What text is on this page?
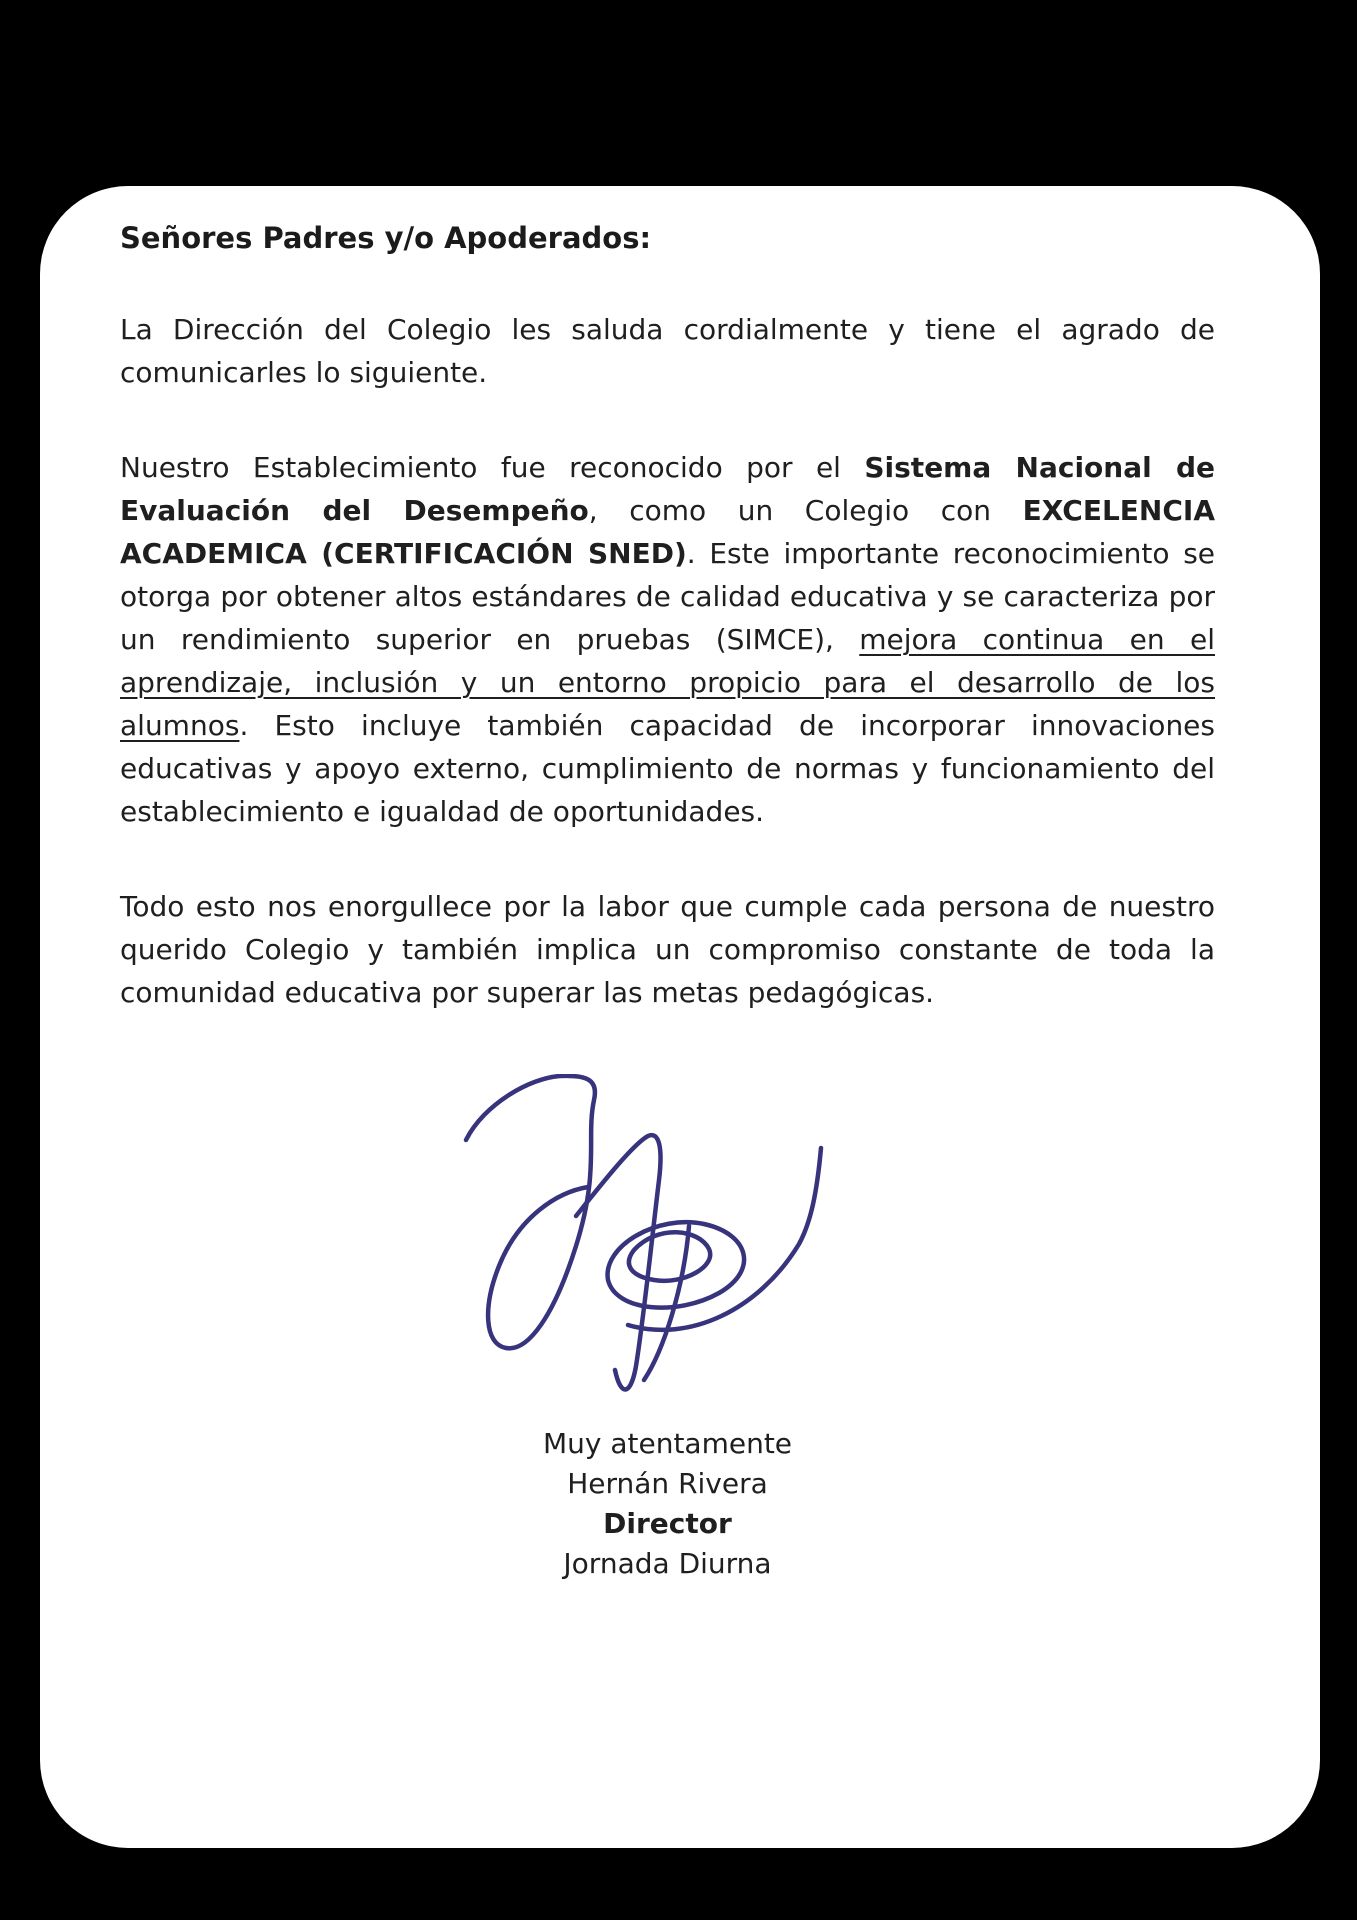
Señores Padres y/o Apoderados:

La Dirección del Colegio les saluda cordialmente y tiene el agrado de comunicarles lo siguiente.

Nuestro Establecimiento fue reconocido por el Sistema Nacional de Evaluación del Desempeño, como un Colegio con EXCELENCIA ACADEMICA (CERTIFICACIÓN SNED). Este importante reconocimiento se otorga por obtener altos estándares de calidad educativa y se caracteriza por un rendimiento superior en pruebas (SIMCE), mejora continua en el aprendizaje, inclusión y un entorno propicio para el desarrollo de los alumnos. Esto incluye también capacidad de incorporar innovaciones educativas y apoyo externo, cumplimiento de normas y funcionamiento del establecimiento e igualdad de oportunidades.

Todo esto nos enorgullece por la labor que cumple cada persona de nuestro querido Colegio y también implica un compromiso constante de toda la comunidad educativa por superar las metas pedagógicas.

Muy atentamente
Hernán Rivera
Director
Jornada Diurna
